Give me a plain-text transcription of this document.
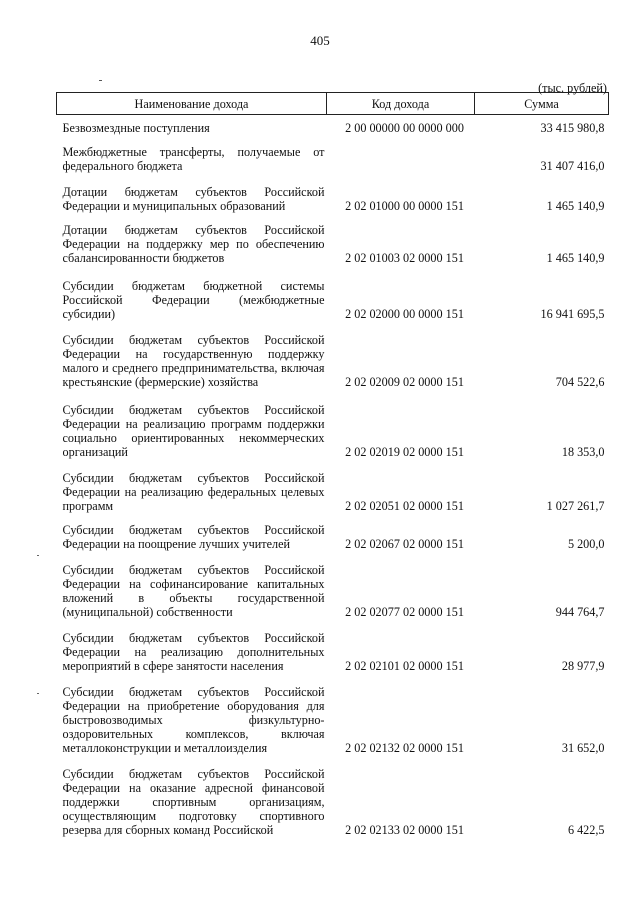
405
(тыс. рублей)
Наименование дохода	Код дохода	Сумма
Безвозмездные поступления	2 00 00000 00 0000 000	33 415 980,8
Межбюджетные трансферты, получаемые от федерального бюджета		31 407 416,0
Дотации бюджетам субъектов Российской Федерации и муниципальных образований	2 02 01000 00 0000 151	1 465 140,9
Дотации бюджетам субъектов Российской Федерации на поддержку мер по обеспечению сбалансированности бюджетов	2 02 01003 02 0000 151	1 465 140,9
Субсидии бюджетам бюджетной системы Российской Федерации (межбюджетные субсидии)	2 02 02000 00 0000 151	16 941 695,5
Субсидии бюджетам субъектов Российской Федерации на государственную поддержку малого и среднего предпринимательства, включая крестьянские (фермерские) хозяйства	2 02 02009 02 0000 151	704 522,6
Субсидии бюджетам субъектов Российской Федерации на реализацию программ поддержки социально ориентированных некоммерческих организаций	2 02 02019 02 0000 151	18 353,0
Субсидии бюджетам субъектов Российской Федерации на реализацию федеральных целевых программ	2 02 02051 02 0000 151	1 027 261,7
Субсидии бюджетам субъектов Российской Федерации на поощрение лучших учителей	2 02 02067 02 0000 151	5 200,0
Субсидии бюджетам субъектов Российской Федерации на софинансирование капитальных вложений в объекты государственной (муниципальной) собственности	2 02 02077 02 0000 151	944 764,7
Субсидии бюджетам субъектов Российской Федерации на реализацию дополнительных мероприятий в сфере занятости населения	2 02 02101 02 0000 151	28 977,9
Субсидии бюджетам субъектов Российской Федерации на приобретение оборудования для быстровозводимых физкультурно-оздоровительных комплексов, включая металлоконструкции и металлоизделия	2 02 02132 02 0000 151	31 652,0
Субсидии бюджетам субъектов Российской Федерации на оказание адресной финансовой поддержки спортивным организациям, осуществляющим подготовку спортивного резерва для сборных команд Российской	2 02 02133 02 0000 151	6 422,5
